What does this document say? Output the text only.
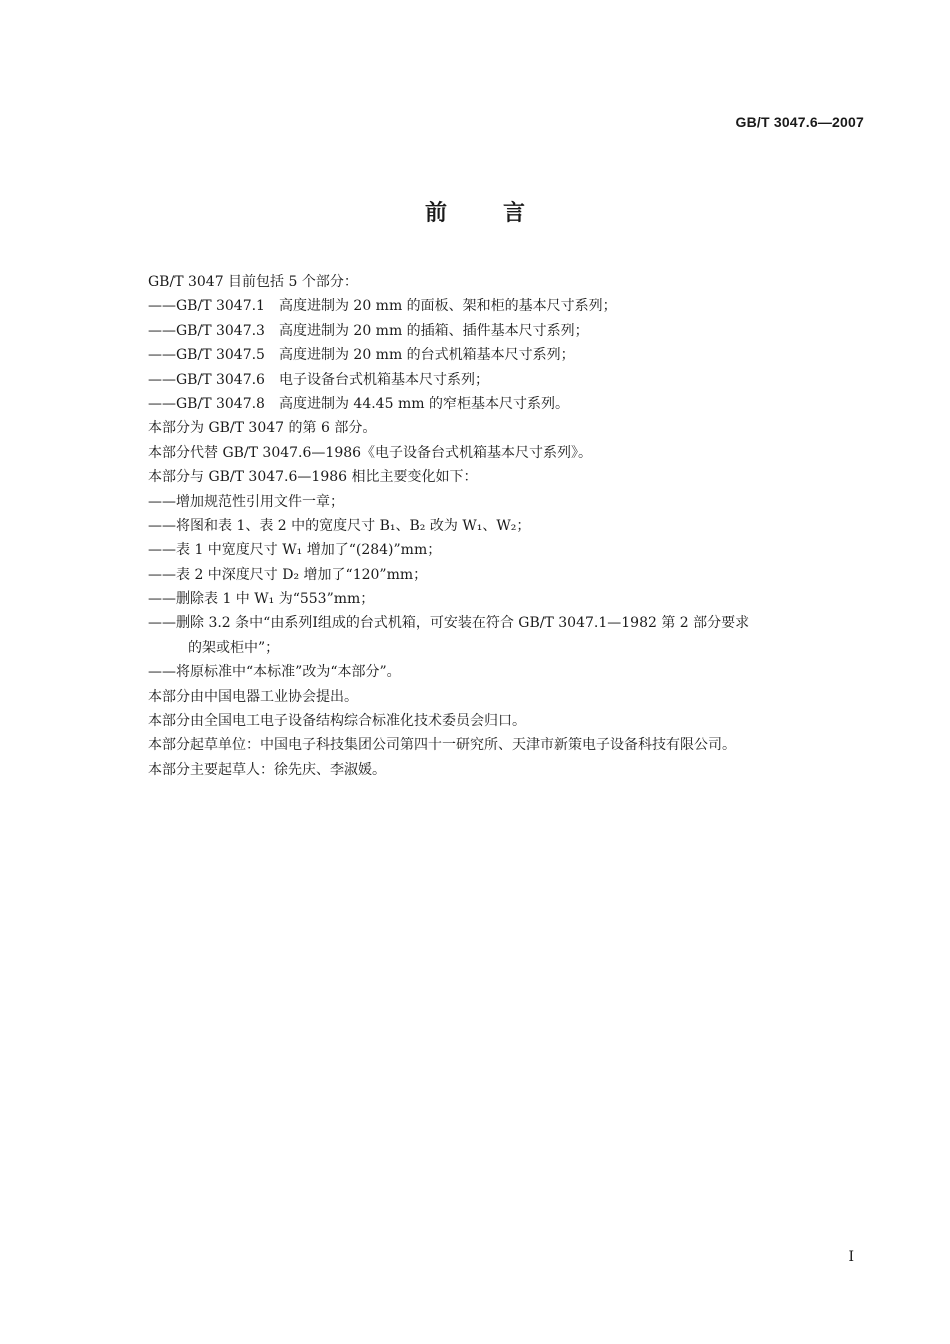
GB/T 3047.6—2007
前言
GB/T 3047 目前包括 5 个部分：
——GB/T 3047.1　高度进制为 20 mm 的面板、架和柜的基本尺寸系列；
——GB/T 3047.3　高度进制为 20 mm 的插箱、插件基本尺寸系列；
——GB/T 3047.5　高度进制为 20 mm 的台式机箱基本尺寸系列；
——GB/T 3047.6　电子设备台式机箱基本尺寸系列；
——GB/T 3047.8　高度进制为 44.45 mm 的窄柜基本尺寸系列。
本部分为 GB/T 3047 的第 6 部分。
本部分代替 GB/T 3047.6—1986《电子设备台式机箱基本尺寸系列》。
本部分与 GB/T 3047.6—1986 相比主要变化如下：
——增加规范性引用文件一章；
——将图和表 1、表 2 中的宽度尺寸 B₁、B₂ 改为 W₁、W₂；
——表 1 中宽度尺寸 W₁ 增加了“(284)”mm；
——表 2 中深度尺寸 D₂ 增加了“120”mm；
——删除表 1 中 W₁ 为“553”mm；
——删除 3.2 条中“由系列Ⅰ组成的台式机箱，可安装在符合 GB/T 3047.1—1982 第 2 部分要求
的架或柜中”；
——将原标准中“本标准”改为“本部分”。
本部分由中国电器工业协会提出。
本部分由全国电工电子设备结构综合标准化技术委员会归口。
本部分起草单位：中国电子科技集团公司第四十一研究所、天津市新策电子设备科技有限公司。
本部分主要起草人：徐先庆、李淑媛。
I
